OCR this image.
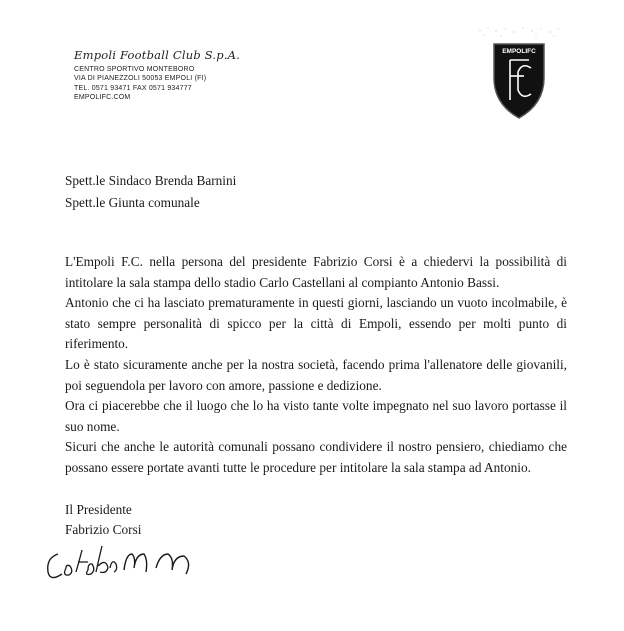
Empoli Football Club S.p.A.
CENTRO SPORTIVO MONTEBORO
VIA DI PIANEZZOLI 50053 EMPOLI (FI)
TEL. 0571 93471 FAX 0571 934777
EMPOLIFC.COM
EMPOLIFC
Spett.le Sindaco Brenda Barnini
Spett.le Giunta comunale

L'Empoli F.C. nella persona del presidente Fabrizio Corsi è a chiedervi la possibilità di intitolare la sala stampa dello stadio Carlo Castellani al compianto Antonio Bassi.

Antonio che ci ha lasciato prematuramente in questi giorni, lasciando un vuoto incolmabile, è stato sempre personalità di spicco per la città di Empoli, essendo per molti punto di riferimento.

Lo è stato sicuramente anche per la nostra società, facendo prima l'allenatore delle giovanili, poi seguendola per lavoro con amore, passione e dedizione.

Ora ci piacerebbe che il luogo che lo ha visto tante volte impegnato nel suo lavoro portasse il suo nome.

Sicuri che anche le autorità comunali possano condividere il nostro pensiero, chiediamo che possano essere portate avanti tutte le procedure per intitolare la sala stampa ad Antonio.

Il Presidente
Fabrizio Corsi
